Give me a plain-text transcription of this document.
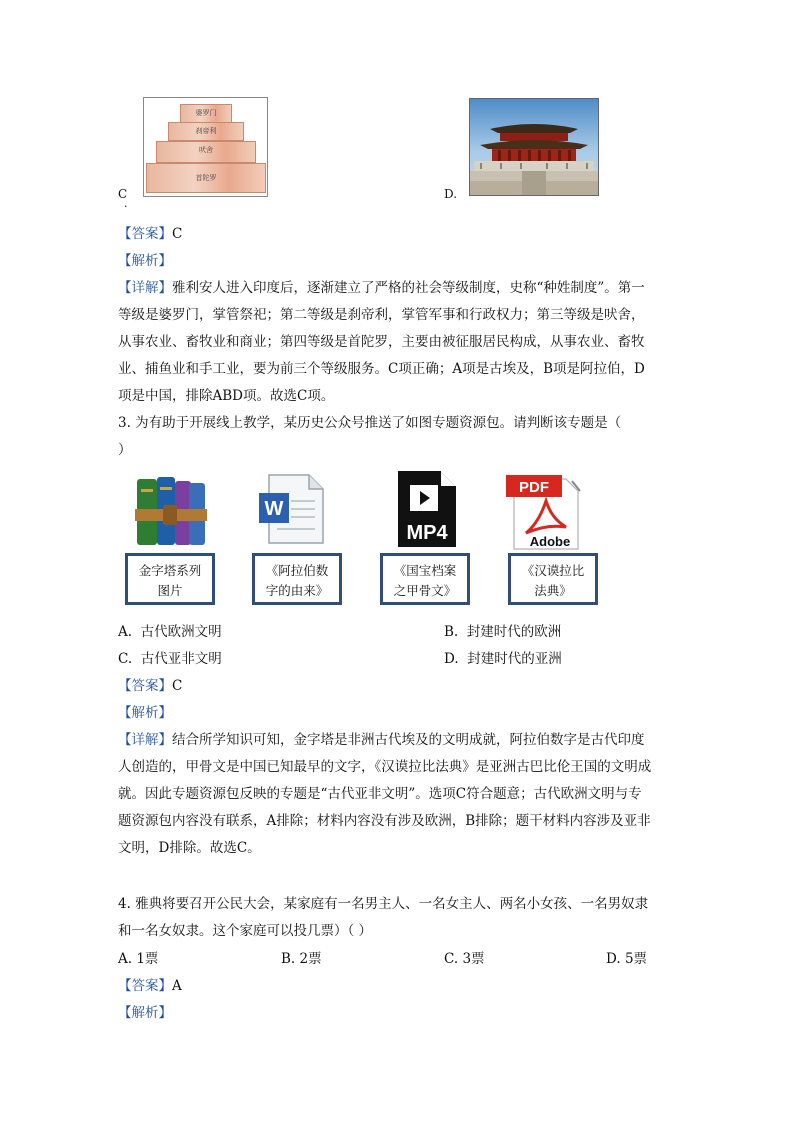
婆罗门
刹帝利
吠舍
首陀罗
C
.
D.
【答案】C
【解析】
【详解】雅利安人进入印度后，逐渐建立了严格的社会等级制度，史称“种姓制度”。第一
等级是婆罗门，掌管祭祀；第二等级是刹帝利，掌管军事和行政权力；第三等级是吠舍，
从事农业、畜牧业和商业；第四等级是首陀罗，主要由被征服居民构成，从事农业、畜牧
业、捕鱼业和手工业，要为前三个等级服务。C项正确；A项是古埃及，B项是阿拉伯，D
项是中国，排除ABD项。故选C项。
3. 为有助于开展线上教学，某历史公众号推送了如图专题资源包。请判断该专题是（
）
W
MP4
PDF
Adobe
金字塔系列
图片
《阿拉伯数
字的由来》
《国宝档案
之甲骨文》
《汉谟拉比
法典》
A. 古代欧洲文明	B. 封建时代的欧洲
C. 古代亚非文明	D. 封建时代的亚洲
【答案】C
【解析】
【详解】结合所学知识可知，金字塔是非洲古代埃及的文明成就，阿拉伯数字是古代印度
人创造的，甲骨文是中国已知最早的文字，《汉谟拉比法典》是亚洲古巴比伦王国的文明成
就。因此专题资源包反映的专题是“古代亚非文明”。选项C符合题意；古代欧洲文明与专
题资源包内容没有联系，A排除；材料内容没有涉及欧洲，B排除；题干材料内容涉及亚非
文明，D排除。故选C。
4. 雅典将要召开公民大会，某家庭有一名男主人、一名女主人、两名小女孩、一名男奴隶
和一名女奴隶。这个家庭可以投几票）（ ）
A. 1票	B. 2票	C. 3票	D. 5票
【答案】A
【解析】
